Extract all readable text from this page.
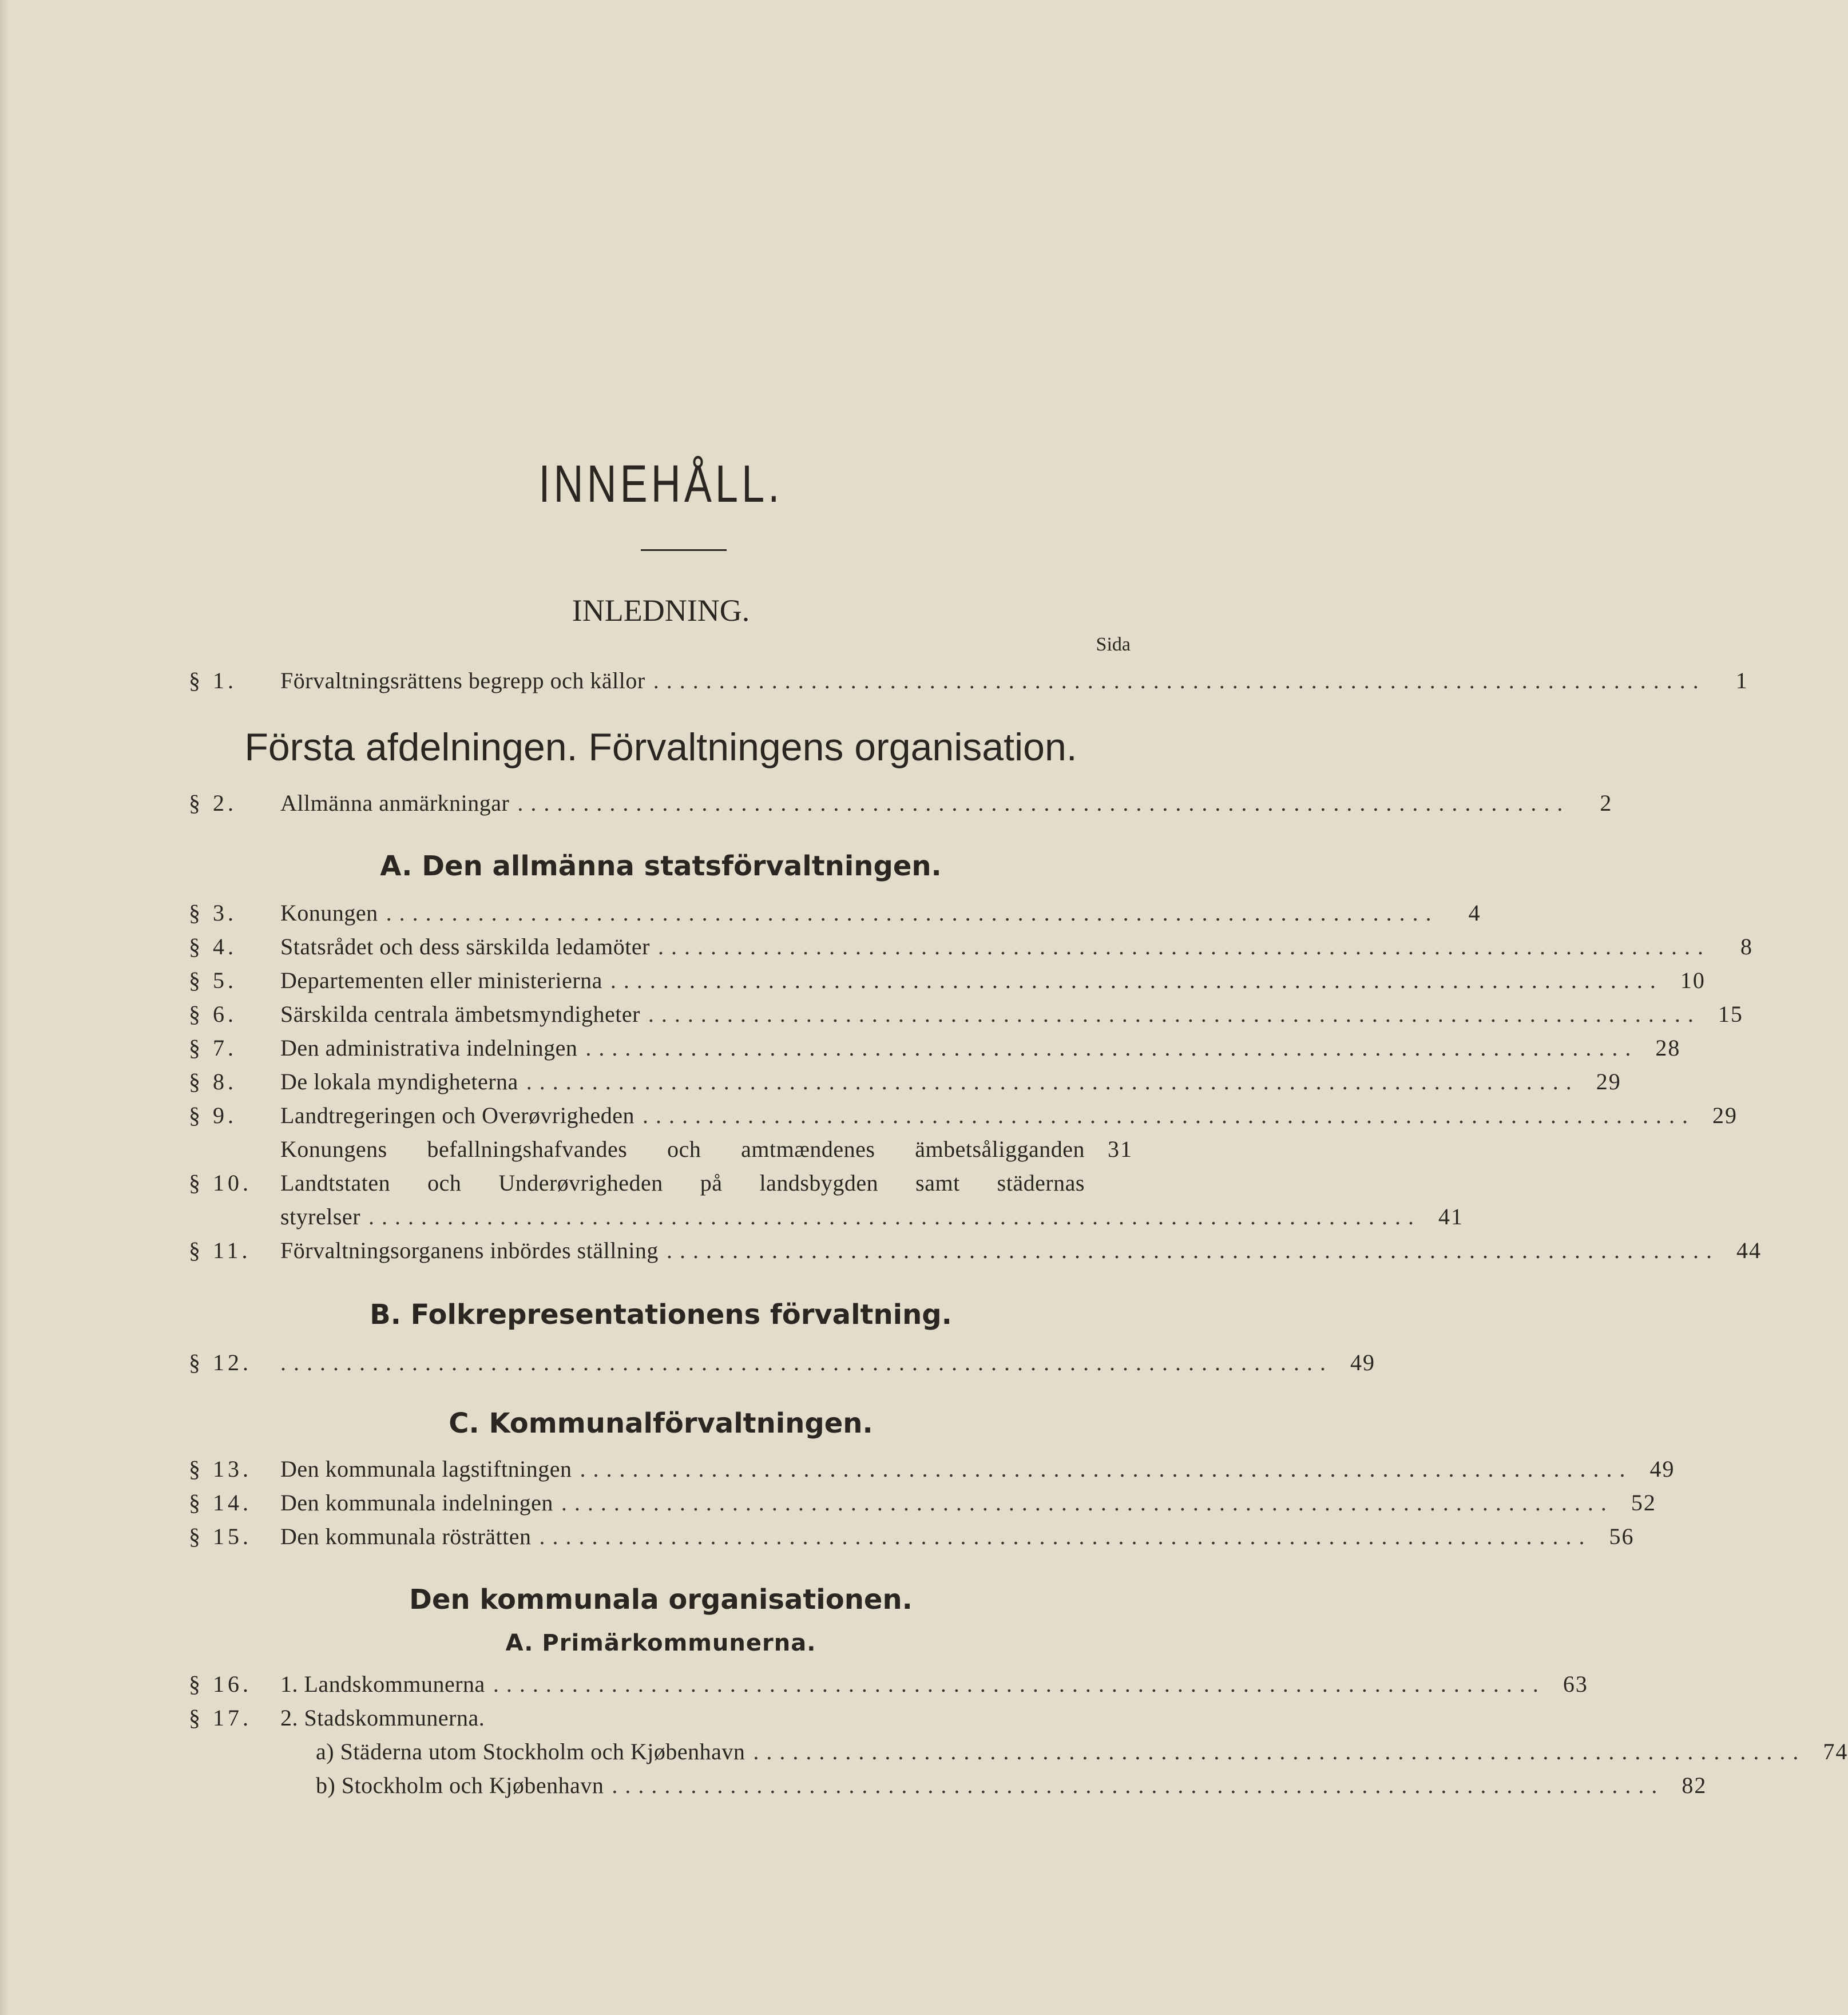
INNEHÅLL.
INLEDNING.
Sida
§ 1. Förvaltningsrättens begrepp och källor ................................................................................	1
Första afdelningen. Förvaltningens organisation.
§ 2. Allmänna anmärkningar ................................................................................	2
A. Den allmänna statsförvaltningen.
§ 3. Konungen ................................................................................	4
§ 4. Statsrådet och dess särskilda ledamöter ................................................................................	8
§ 5. Departementen eller ministerierna ................................................................................ 10
§ 6. Särskilda centrala ämbetsmyndigheter ................................................................................ 15
§ 7. Den administrativa indelningen ................................................................................ 28
§ 8. De lokala myndigheterna ................................................................................ 29
§ 9. Landtregeringen och Overøvrigheden ................................................................................ 29
Konungens befallningshafvandes och amtmændenes ämbetsåligganden	31
§ 10. Landtstaten och Underøvrigheden på landsbygden samt städernas
styrelser ................................................................................ 41
§ 11. Förvaltningsorganens inbördes ställning ................................................................................ 44
B. Folkrepresentationens förvaltning.
§ 12. ................................................................................ 49
C. Kommunalförvaltningen.
§ 13. Den kommunala lagstiftningen ................................................................................ 49
§ 14. Den kommunala indelningen ................................................................................ 52
§ 15. Den kommunala rösträtten ................................................................................ 56
Den kommunala organisationen.
A. Primärkommunerna.
§ 16. 1. Landskommunerna ................................................................................ 63
§ 17. 2. Stadskommunerna.
a) Städerna utom Stockholm och Kjøbenhavn ................................................................................ 74
b) Stockholm och Kjøbenhavn ................................................................................ 82
